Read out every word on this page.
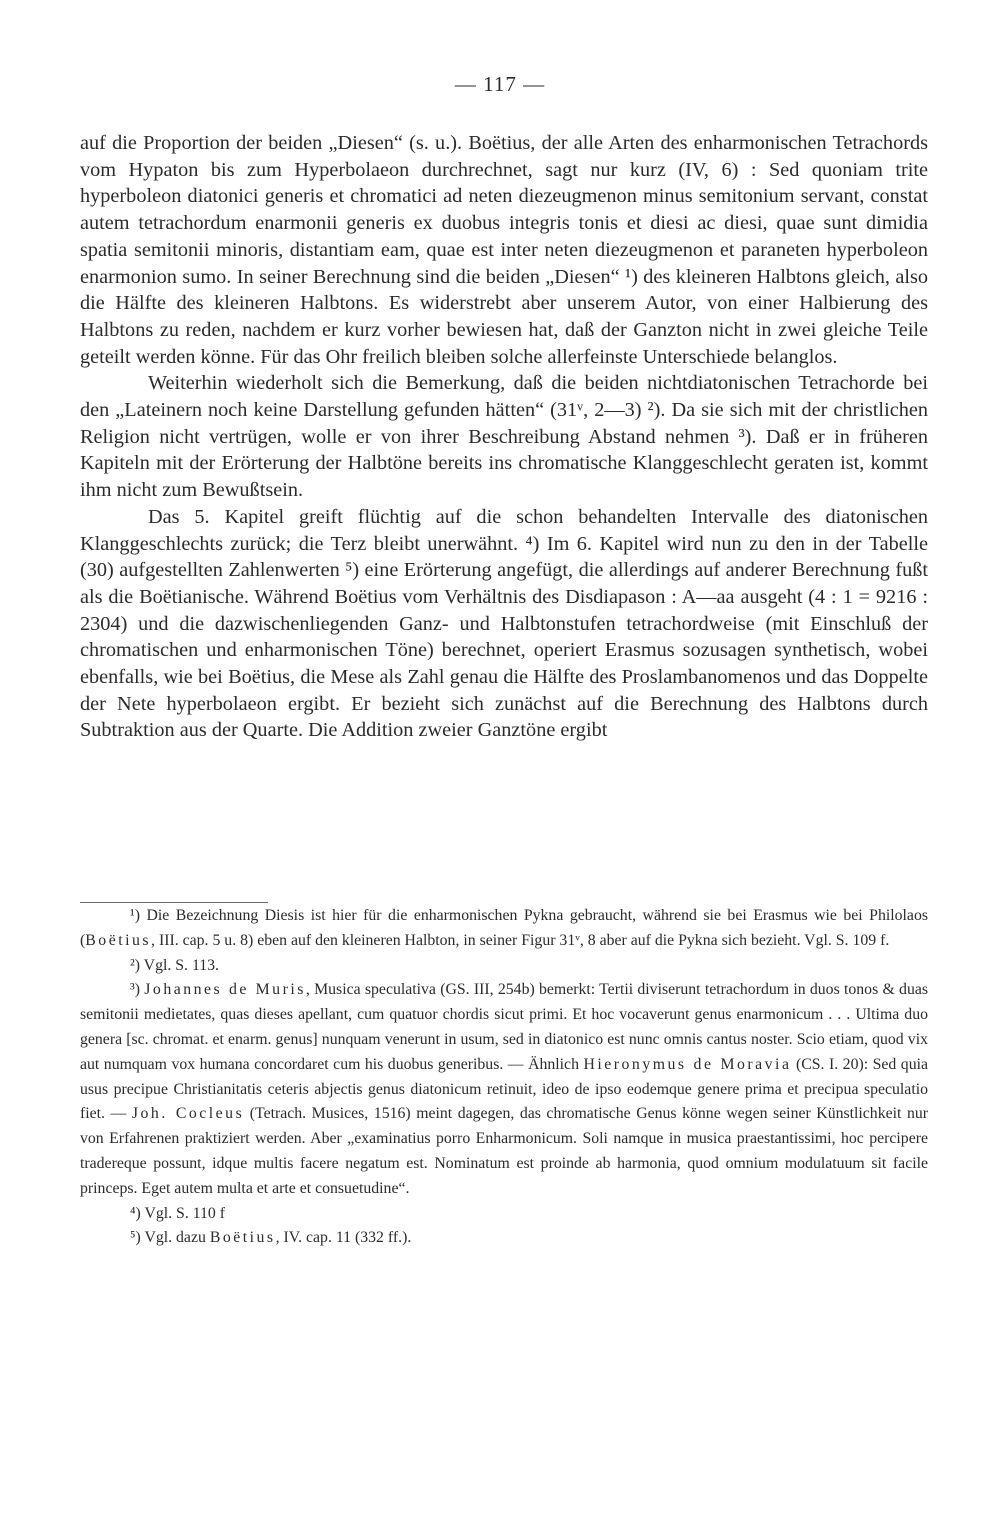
— 117 —

auf die Proportion der beiden „Diesen“ (s. u.). Boëtius, der alle Arten des enharmonischen Tetrachords vom Hypaton bis zum Hyperbolaeon durchrechnet, sagt nur kurz (IV, 6) : Sed quoniam trite hyperboleon diatonici generis et chromatici ad neten diezeugmenon minus semitonium servant, constat autem tetrachordum enarmonii generis ex duobus integris tonis et diesi ac diesi, quae sunt dimidia spatia semitonii minoris, distantiam eam, quae est inter neten diezeugmenon et paraneten hyperboleon enarmonion sumo. In seiner Berechnung sind die beiden „Diesen“ ¹) des kleineren Halbtons gleich, also die Hälfte des kleineren Halbtons. Es widerstrebt aber unserem Autor, von einer Halbierung des Halbtons zu reden, nachdem er kurz vorher bewiesen hat, daß der Ganzton nicht in zwei gleiche Teile geteilt werden könne. Für das Ohr freilich bleiben solche allerfeinste Unterschiede belanglos.

Weiterhin wiederholt sich die Bemerkung, daß die beiden nichtdiatonischen Tetrachorde bei den „Lateinern noch keine Darstellung gefunden hätten“ (31ᵛ, 2—3) ²). Da sie sich mit der christlichen Religion nicht vertrügen, wolle er von ihrer Beschreibung Abstand nehmen ³). Daß er in früheren Kapiteln mit der Erörterung der Halbtöne bereits ins chromatische Klanggeschlecht geraten ist, kommt ihm nicht zum Bewußtsein.

Das 5. Kapitel greift flüchtig auf die schon behandelten Intervalle des diatonischen Klanggeschlechts zurück; die Terz bleibt unerwähnt. ⁴) Im 6. Kapitel wird nun zu den in der Tabelle (30) aufgestellten Zahlenwerten ⁵) eine Erörterung angefügt, die allerdings auf anderer Berechnung fußt als die Boëtianische. Während Boëtius vom Verhältnis des Disdiapason : A—aa ausgeht (4 : 1 = 9216 : 2304) und die dazwischenliegenden Ganz- und Halbtonstufen tetrachordweise (mit Einschluß der chromatischen und enharmonischen Töne) berechnet, operiert Erasmus sozusagen synthetisch, wobei ebenfalls, wie bei Boëtius, die Mese als Zahl genau die Hälfte des Proslambanomenos und das Doppelte der Nete hyperbolaeon ergibt. Er bezieht sich zunächst auf die Berechnung des Halbtons durch Subtraktion aus der Quarte. Die Addition zweier Ganztöne ergibt

¹) Die Bezeichnung Diesis ist hier für die enharmonischen Pykna gebraucht, während sie bei Erasmus wie bei Philolaos (Boëtius, III. cap. 5 u. 8) eben auf den kleineren Halbton, in seiner Figur 31ᵛ, 8 aber auf die Pykna sich bezieht. Vgl. S. 109 f.

²) Vgl. S. 113.

³) Johannes de Muris, Musica speculativa (GS. III, 254b) bemerkt: Tertii diviserunt tetrachordum in duos tonos & duas semitonii medietates, quas dieses apellant, cum quatuor chordis sicut primi. Et hoc vocaverunt genus enarmonicum . . . Ultima duo genera [sc. chromat. et enarm. genus] nunquam venerunt in usum, sed in diatonico est nunc omnis cantus noster. Scio etiam, quod vix aut numquam vox humana concordaret cum his duobus generibus. — Ähnlich Hieronymus de Moravia (CS. I. 20): Sed quia usus precipue Christianitatis ceteris abjectis genus diatonicum retinuit, ideo de ipso eodemque genere prima et precipua speculatio fiet. — Joh. Cocleus (Tetrach. Musices, 1516) meint dagegen, das chromatische Genus könne wegen seiner Künstlichkeit nur von Erfahrenen praktiziert werden. Aber „examinatius porro Enharmonicum. Soli namque in musica praestantissimi, hoc percipere tradereque possunt, idque multis facere negatum est. Nominatum est proinde ab harmonia, quod omnium modulatuum sit facile princeps. Eget autem multa et arte et consuetudine“.

⁴) Vgl. S. 110 f

⁵) Vgl. dazu Boëtius, IV. cap. 11 (332 ff.).
